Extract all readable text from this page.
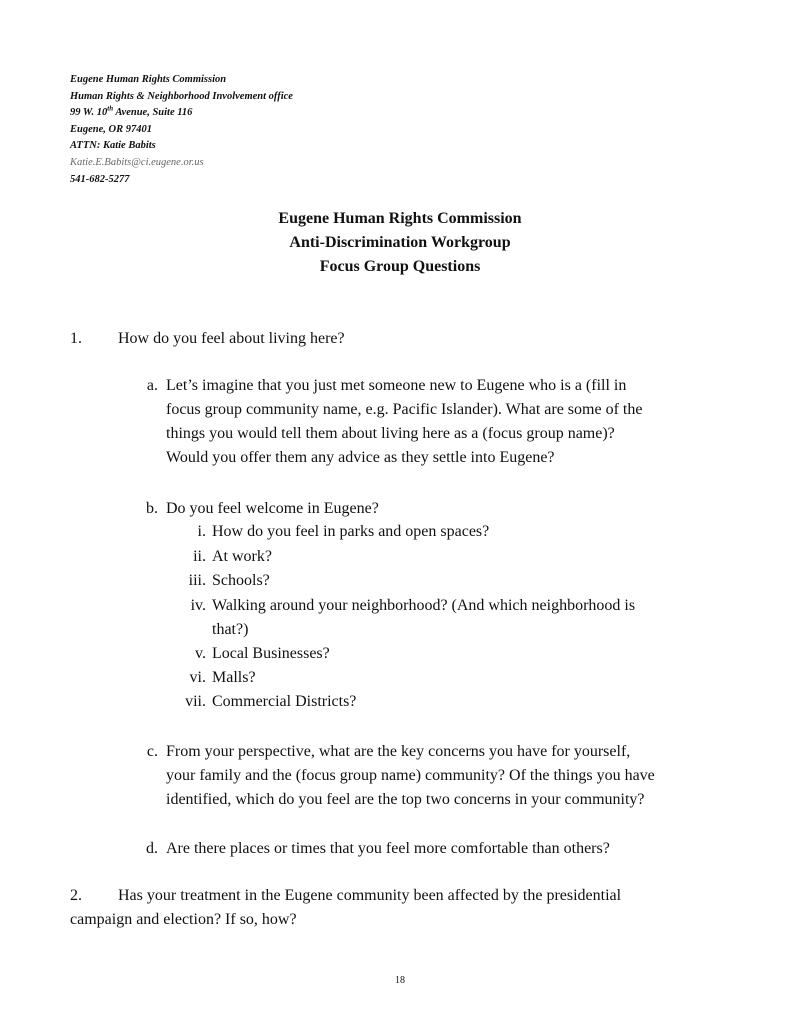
Eugene Human Rights Commission
Human Rights & Neighborhood Involvement office
99 W. 10th Avenue, Suite 116
Eugene, OR 97401
ATTN: Katie Babits
Katie.E.Babits@ci.eugene.or.us
541-682-5277
Eugene Human Rights Commission
Anti-Discrimination Workgroup
Focus Group Questions
1. How do you feel about living here?
a. Let’s imagine that you just met someone new to Eugene who is a (fill in
focus group community name, e.g. Pacific Islander). What are some of the
things you would tell them about living here as a (focus group name)?
Would you offer them any advice as they settle into Eugene?
b. Do you feel welcome in Eugene?
i. How do you feel in parks and open spaces?
ii. At work?
iii. Schools?
iv. Walking around your neighborhood? (And which neighborhood is
that?)
v. Local Businesses?
vi. Malls?
vii. Commercial Districts?
c. From your perspective, what are the key concerns you have for yourself,
your family and the (focus group name) community? Of the things you have
identified, which do you feel are the top two concerns in your community?
d. Are there places or times that you feel more comfortable than others?
2. Has your treatment in the Eugene community been affected by the presidential
campaign and election? If so, how?
18
